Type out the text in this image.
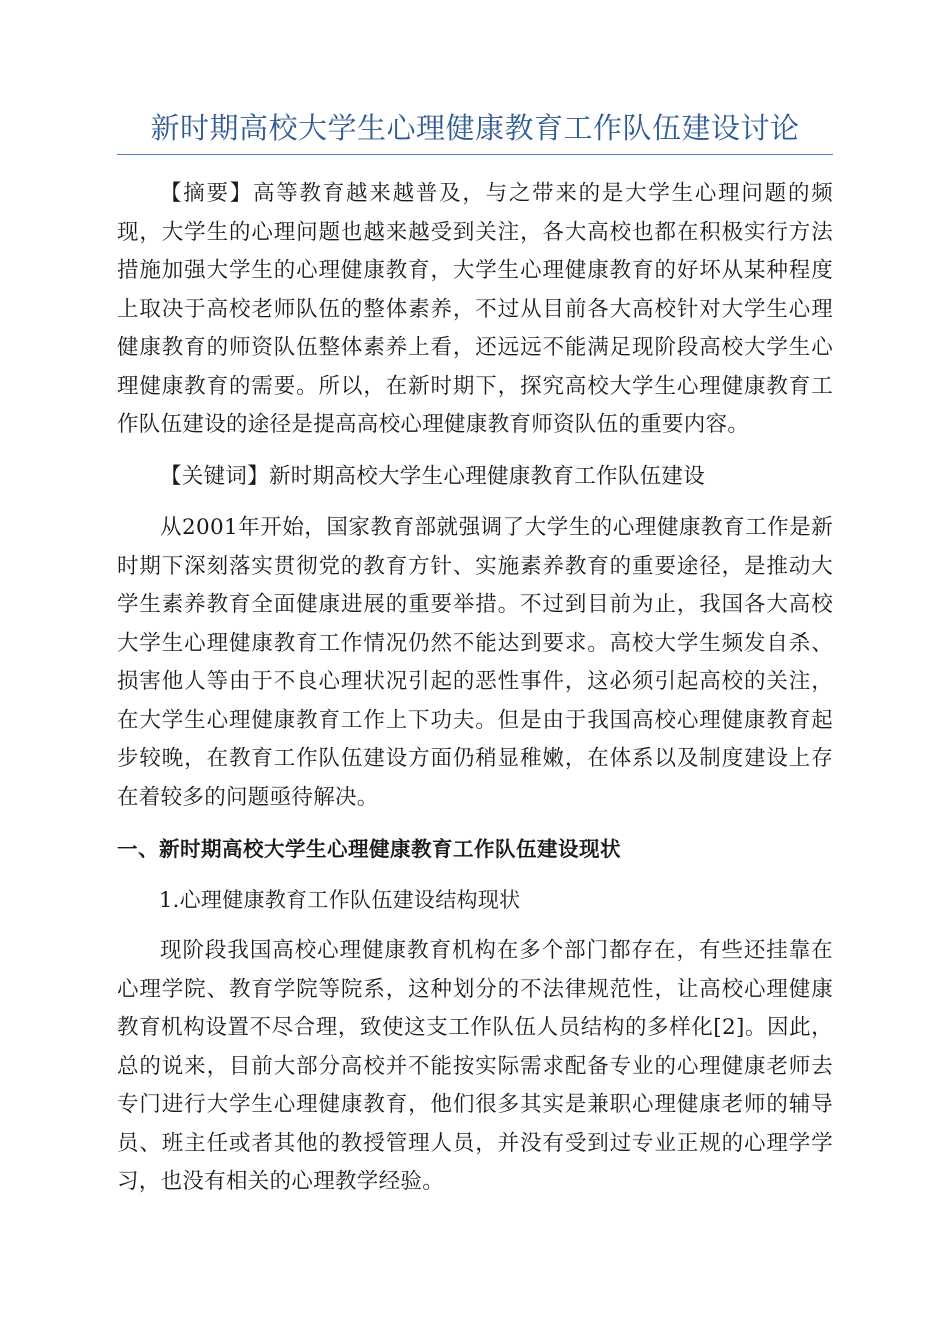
新时期高校大学生心理健康教育工作队伍建设讨论

【摘要】高等教育越来越普及，与之带来的是大学生心理问题的频现，大学生的心理问题也越来越受到关注，各大高校也都在积极实行方法措施加强大学生的心理健康教育，大学生心理健康教育的好坏从某种程度上取决于高校老师队伍的整体素养，不过从目前各大高校针对大学生心理健康教育的师资队伍整体素养上看，还远远不能满足现阶段高校大学生心理健康教育的需要。所以，在新时期下，探究高校大学生心理健康教育工作队伍建设的途径是提高高校心理健康教育师资队伍的重要内容。

【关键词】新时期高校大学生心理健康教育工作队伍建设

从2001年开始，国家教育部就强调了大学生的心理健康教育工作是新时期下深刻落实贯彻党的教育方针、实施素养教育的重要途径，是推动大学生素养教育全面健康进展的重要举措。不过到目前为止，我国各大高校大学生心理健康教育工作情况仍然不能达到要求。高校大学生频发自杀、损害他人等由于不良心理状况引起的恶性事件，这必须引起高校的关注，在大学生心理健康教育工作上下功夫。但是由于我国高校心理健康教育起步较晚，在教育工作队伍建设方面仍稍显稚嫩，在体系以及制度建设上存在着较多的问题亟待解决。

一、新时期高校大学生心理健康教育工作队伍建设现状

1.心理健康教育工作队伍建设结构现状

现阶段我国高校心理健康教育机构在多个部门都存在，有些还挂靠在心理学院、教育学院等院系，这种划分的不法律规范性，让高校心理健康教育机构设置不尽合理，致使这支工作队伍人员结构的多样化[2]。因此，总的说来，目前大部分高校并不能按实际需求配备专业的心理健康老师去专门进行大学生心理健康教育，他们很多其实是兼职心理健康老师的辅导员、班主任或者其他的教授管理人员，并没有受到过专业正规的心理学学习，也没有相关的心理教学经验。
